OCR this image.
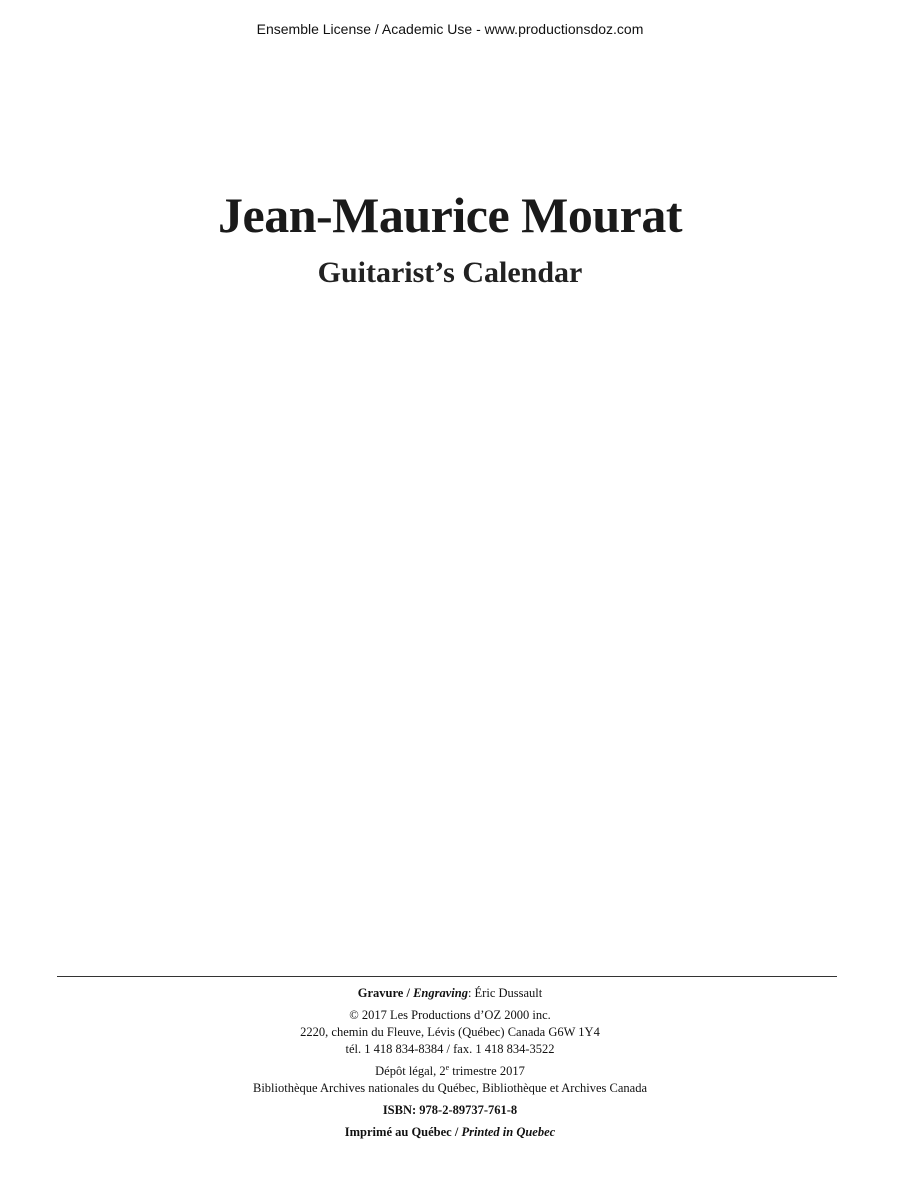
Ensemble License / Academic Use - www.productionsdoz.com
Jean-Maurice Mourat
Guitarist’s Calendar
Gravure / Engraving: Éric Dussault
© 2017 Les Productions d’OZ 2000 inc.
2220, chemin du Fleuve, Lévis (Québec) Canada G6W 1Y4
tél. 1 418 834-8384 / fax. 1 418 834-3522
Dépôt légal, 2e trimestre 2017
Bibliothèque Archives nationales du Québec, Bibliothèque et Archives Canada
ISBN: 978-2-89737-761-8
Imprimé au Québec / Printed in Quebec
